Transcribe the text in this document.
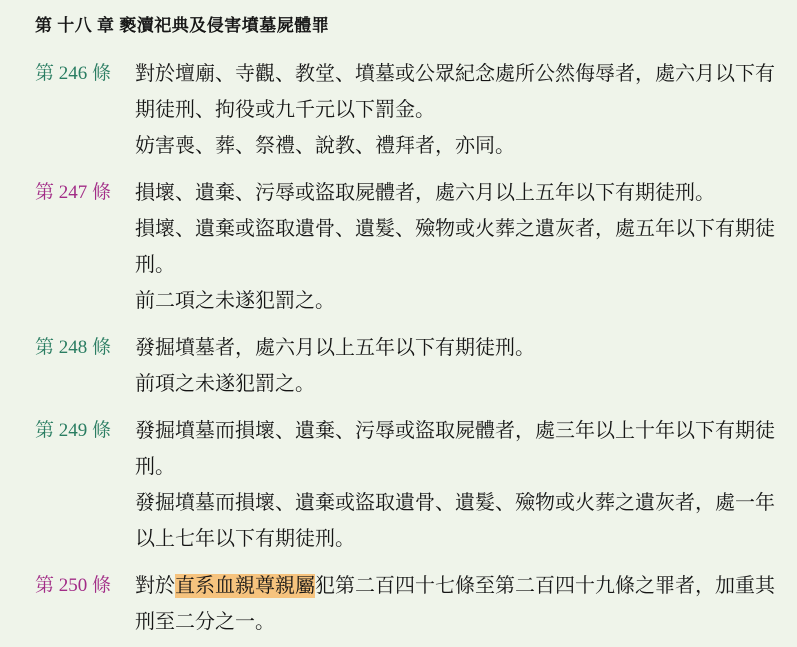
第 十八 章 褻瀆祀典及侵害墳墓屍體罪
第 246 條	對於壇廟、寺觀、教堂、墳墓或公眾紀念處所公然侮辱者，處六月以下有期徒刑、拘役或九千元以下罰金。

妨害喪、葬、祭禮、說教、禮拜者，亦同。

第 247 條	損壞、遺棄、污辱或盜取屍體者，處六月以上五年以下有期徒刑。

損壞、遺棄或盜取遺骨、遺髮、殮物或火葬之遺灰者，處五年以下有期徒刑。

前二項之未遂犯罰之。

第 248 條	發掘墳墓者，處六月以上五年以下有期徒刑。

前項之未遂犯罰之。

第 249 條	發掘墳墓而損壞、遺棄、污辱或盜取屍體者，處三年以上十年以下有期徒刑。

發掘墳墓而損壞、遺棄或盜取遺骨、遺髮、殮物或火葬之遺灰者，處一年以上七年以下有期徒刑。

第 250 條	對於直系血親尊親屬犯第二百四十七條至第二百四十九條之罪者，加重其刑至二分之一。
